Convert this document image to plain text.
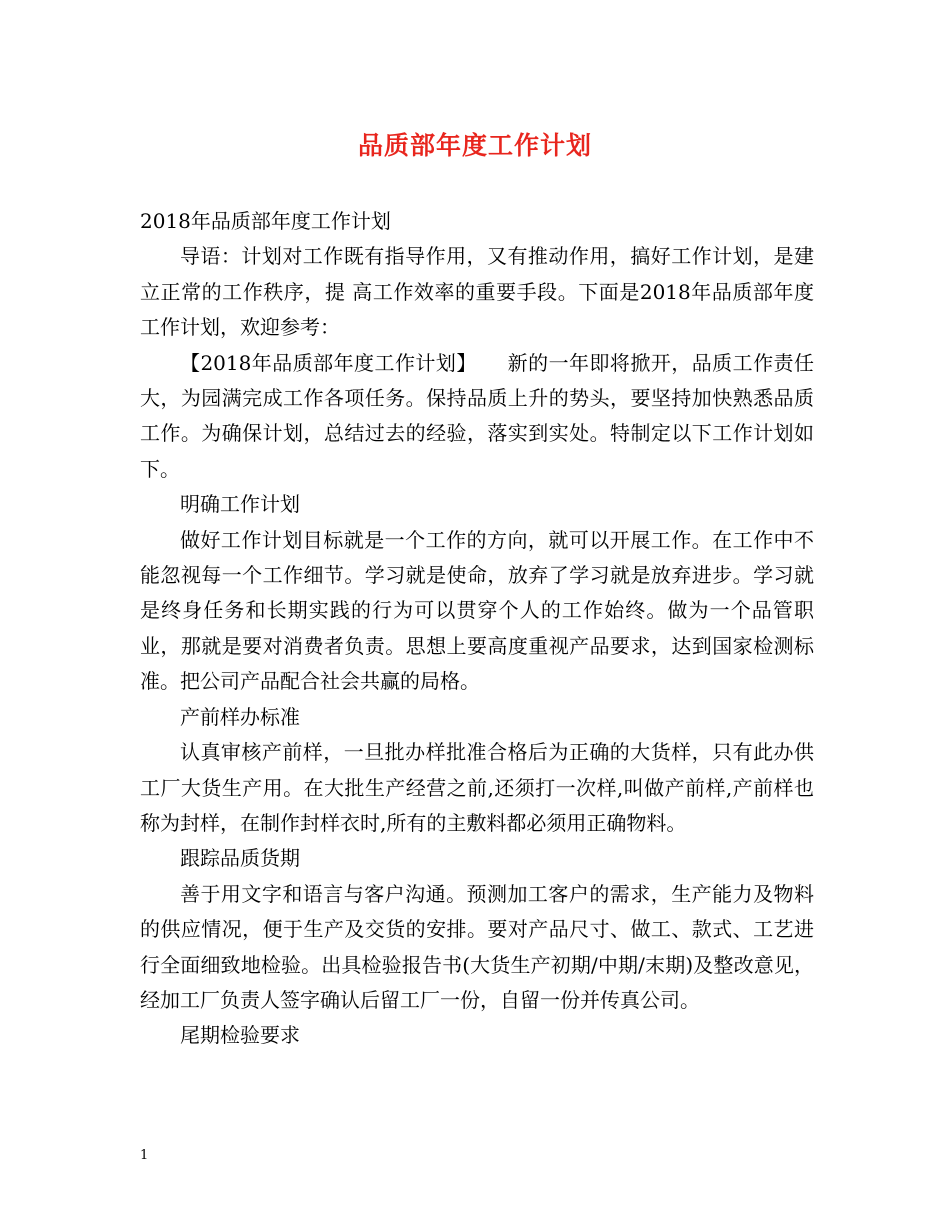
品质部年度工作计划

2018年品质部年度工作计划

导语：计划对工作既有指导作用，又有推动作用，搞好工作计划，是建立正常的工作秩序，提 高工作效率的重要手段。下面是2018年品质部年度工作计划，欢迎参考：

【2018年品质部年度工作计划】　　新的一年即将掀开，品质工作责任大，为园满完成工作各项任务。保持品质上升的势头，要坚持加快熟悉品质工作。为确保计划，总结过去的经验，落实到实处。特制定以下工作计划如下。

明确工作计划

做好工作计划目标就是一个工作的方向，就可以开展工作。在工作中不能忽视每一个工作细节。学习就是使命，放弃了学习就是放弃进步。学习就是终身任务和长期实践的行为可以贯穿个人的工作始终。做为一个品管职业，那就是要对消费者负责。思想上要高度重视产品要求，达到国家检测标准。把公司产品配合社会共赢的局格。

产前样办标准

认真审核产前样，一旦批办样批准合格后为正确的大货样，只有此办供工厂大货生产用。在大批生产经营之前,还须打一次样,叫做产前样,产前样也称为封样，在制作封样衣时,所有的主敷料都必须用正确物料。

跟踪品质货期

善于用文字和语言与客户沟通。预测加工客户的需求，生产能力及物料的供应情况，便于生产及交货的安排。要对产品尺寸、做工、款式、工艺进行全面细致地检验。出具检验报告书(大货生产初期/中期/末期)及整改意见，经加工厂负责人签字确认后留工厂一份，自留一份并传真公司。

尾期检验要求

1
